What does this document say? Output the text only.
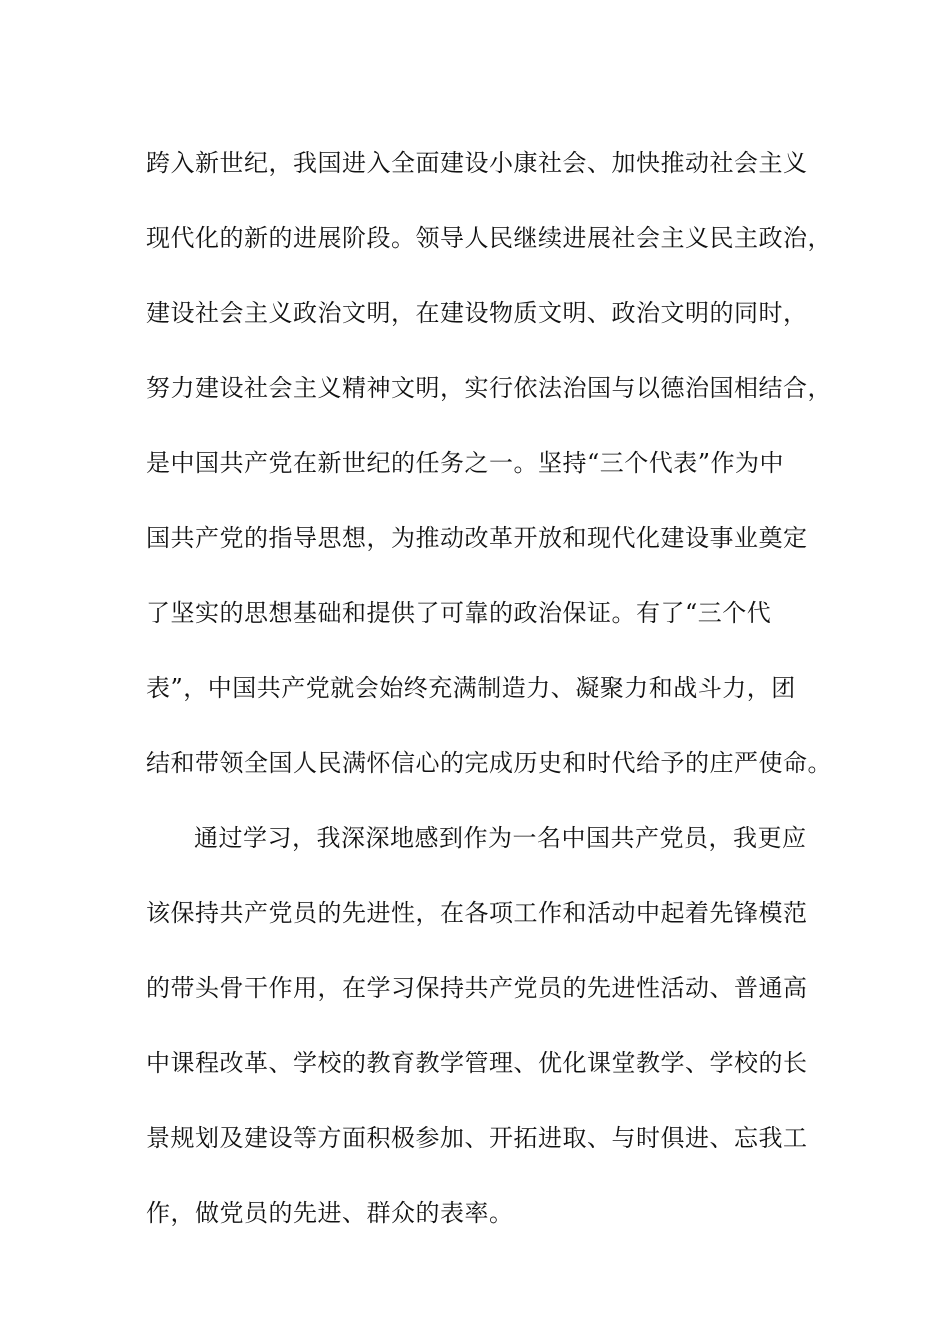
跨入新世纪，我国进入全面建设小康社会、加快推动社会主义
现代化的新的进展阶段。领导人民继续进展社会主义民主政治，
建设社会主义政治文明，在建设物质文明、政治文明的同时，
努力建设社会主义精神文明，实行依法治国与以德治国相结合，
是中国共产党在新世纪的任务之一。坚持“三个代表”作为中
国共产党的指导思想，为推动改革开放和现代化建设事业奠定
了坚实的思想基础和提供了可靠的政治保证。有了“三个代
表”，中国共产党就会始终充满制造力、凝聚力和战斗力，团
结和带领全国人民满怀信心的完成历史和时代给予的庄严使命。
通过学习，我深深地感到作为一名中国共产党员，我更应
该保持共产党员的先进性，在各项工作和活动中起着先锋模范
的带头骨干作用，在学习保持共产党员的先进性活动、普通高
中课程改革、学校的教育教学管理、优化课堂教学、学校的长
景规划及建设等方面积极参加、开拓进取、与时俱进、忘我工
作，做党员的先进、群众的表率。
